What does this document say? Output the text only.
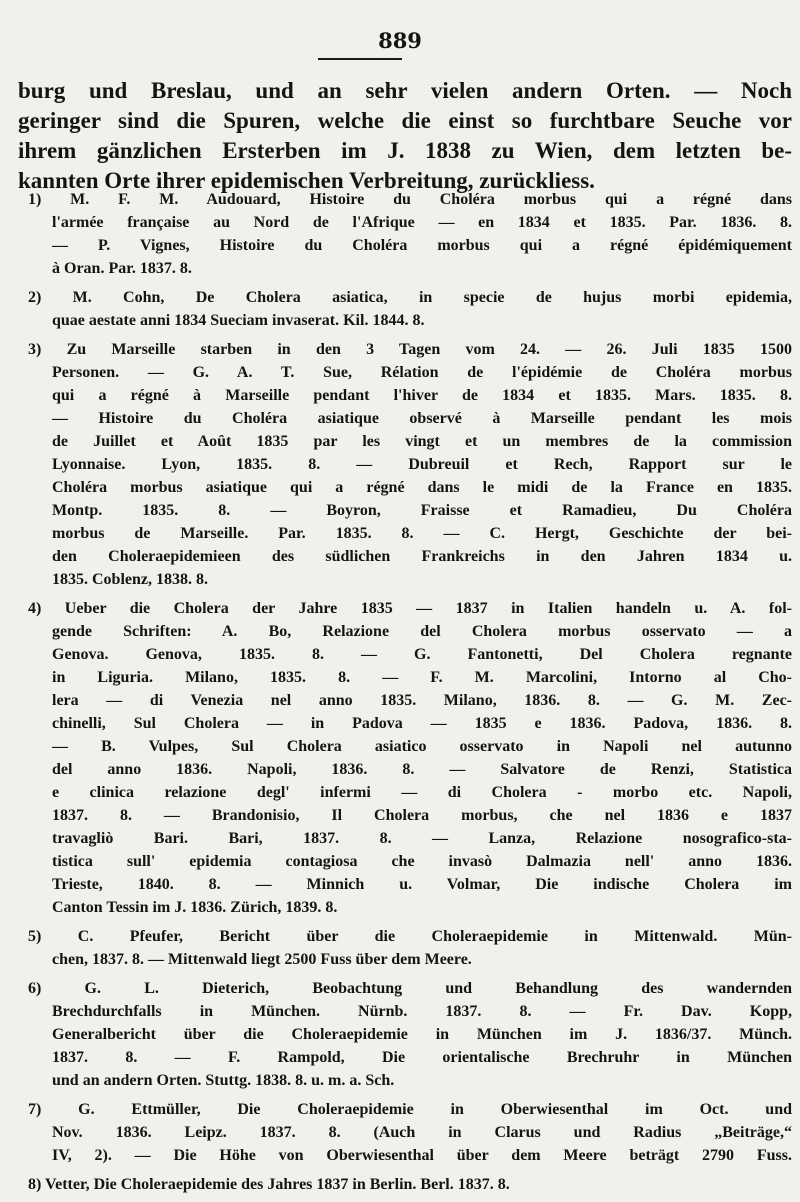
889
burg und Breslau, und an sehr vielen andern Orten. — Noch
geringer sind die Spuren, welche die einst so furchtbare Seuche vor
ihrem gänzlichen Ersterben im J. 1838 zu Wien, dem letzten be-
kannten Orte ihrer epidemischen Verbreitung, zurückliess.
1) M. F. M. Audouard, Histoire du Choléra morbus qui a régné dans
l'armée française au Nord de l'Afrique — en 1834 et 1835. Par. 1836. 8.
— P. Vignes, Histoire du Choléra morbus qui a régné épidémiquement
à Oran. Par. 1837. 8.
2) M. Cohn, De Cholera asiatica, in specie de hujus morbi epidemia,
quae aestate anni 1834 Sueciam invaserat. Kil. 1844. 8.
3) Zu Marseille starben in den 3 Tagen vom 24. — 26. Juli 1835 1500
Personen. — G. A. T. Sue, Rélation de l'épidémie de Choléra morbus
qui a régné à Marseille pendant l'hiver de 1834 et 1835. Mars. 1835. 8.
— Histoire du Choléra asiatique observé à Marseille pendant les mois
de Juillet et Août 1835 par les vingt et un membres de la commission
Lyonnaise. Lyon, 1835. 8. — Dubreuil et Rech, Rapport sur le
Choléra morbus asiatique qui a régné dans le midi de la France en 1835.
Montp. 1835. 8. — Boyron, Fraisse et Ramadieu, Du Choléra
morbus de Marseille. Par. 1835. 8. — C. Hergt, Geschichte der bei-
den Choleraepidemieen des südlichen Frankreichs in den Jahren 1834 u.
1835. Coblenz, 1838. 8.
4) Ueber die Cholera der Jahre 1835 — 1837 in Italien handeln u. A. fol-
gende Schriften: A. Bo, Relazione del Cholera morbus osservato — a
Genova. Genova, 1835. 8. — G. Fantonetti, Del Cholera regnante
in Liguria. Milano, 1835. 8. — F. M. Marcolini, Intorno al Cho-
lera — di Venezia nel anno 1835. Milano, 1836. 8. — G. M. Zec-
chinelli, Sul Cholera — in Padova — 1835 e 1836. Padova, 1836. 8.
— B. Vulpes, Sul Cholera asiatico osservato in Napoli nel autunno
del anno 1836. Napoli, 1836. 8. — Salvatore de Renzi, Statistica
e clinica relazione degl' infermi — di Cholera - morbo etc. Napoli,
1837. 8. — Brandonisio, Il Cholera morbus, che nel 1836 e 1837
travagliò Bari. Bari, 1837. 8. — Lanza, Relazione nosografico-sta-
tistica sull' epidemia contagiosa che invasò Dalmazia nell' anno 1836.
Trieste, 1840. 8. — Minnich u. Volmar, Die indische Cholera im
Canton Tessin im J. 1836. Zürich, 1839. 8.
5) C. Pfeufer, Bericht über die Choleraepidemie in Mittenwald. Mün-
chen, 1837. 8. — Mittenwald liegt 2500 Fuss über dem Meere.
6) G. L. Dieterich, Beobachtung und Behandlung des wandernden
Brechdurchfalls in München. Nürnb. 1837. 8. — Fr. Dav. Kopp,
Generalbericht über die Choleraepidemie in München im J. 1836/37. Münch.
1837. 8. — F. Rampold, Die orientalische Brechruhr in München
und an andern Orten. Stuttg. 1838. 8. u. m. a. Sch.
7) G. Ettmüller, Die Choleraepidemie in Oberwiesenthal im Oct. und
Nov. 1836. Leipz. 1837. 8. (Auch in Clarus und Radius „Beiträge,“
IV, 2). — Die Höhe von Oberwiesenthal über dem Meere beträgt 2790 Fuss.
8) Vetter, Die Choleraepidemie des Jahres 1837 in Berlin. Berl. 1837. 8.
